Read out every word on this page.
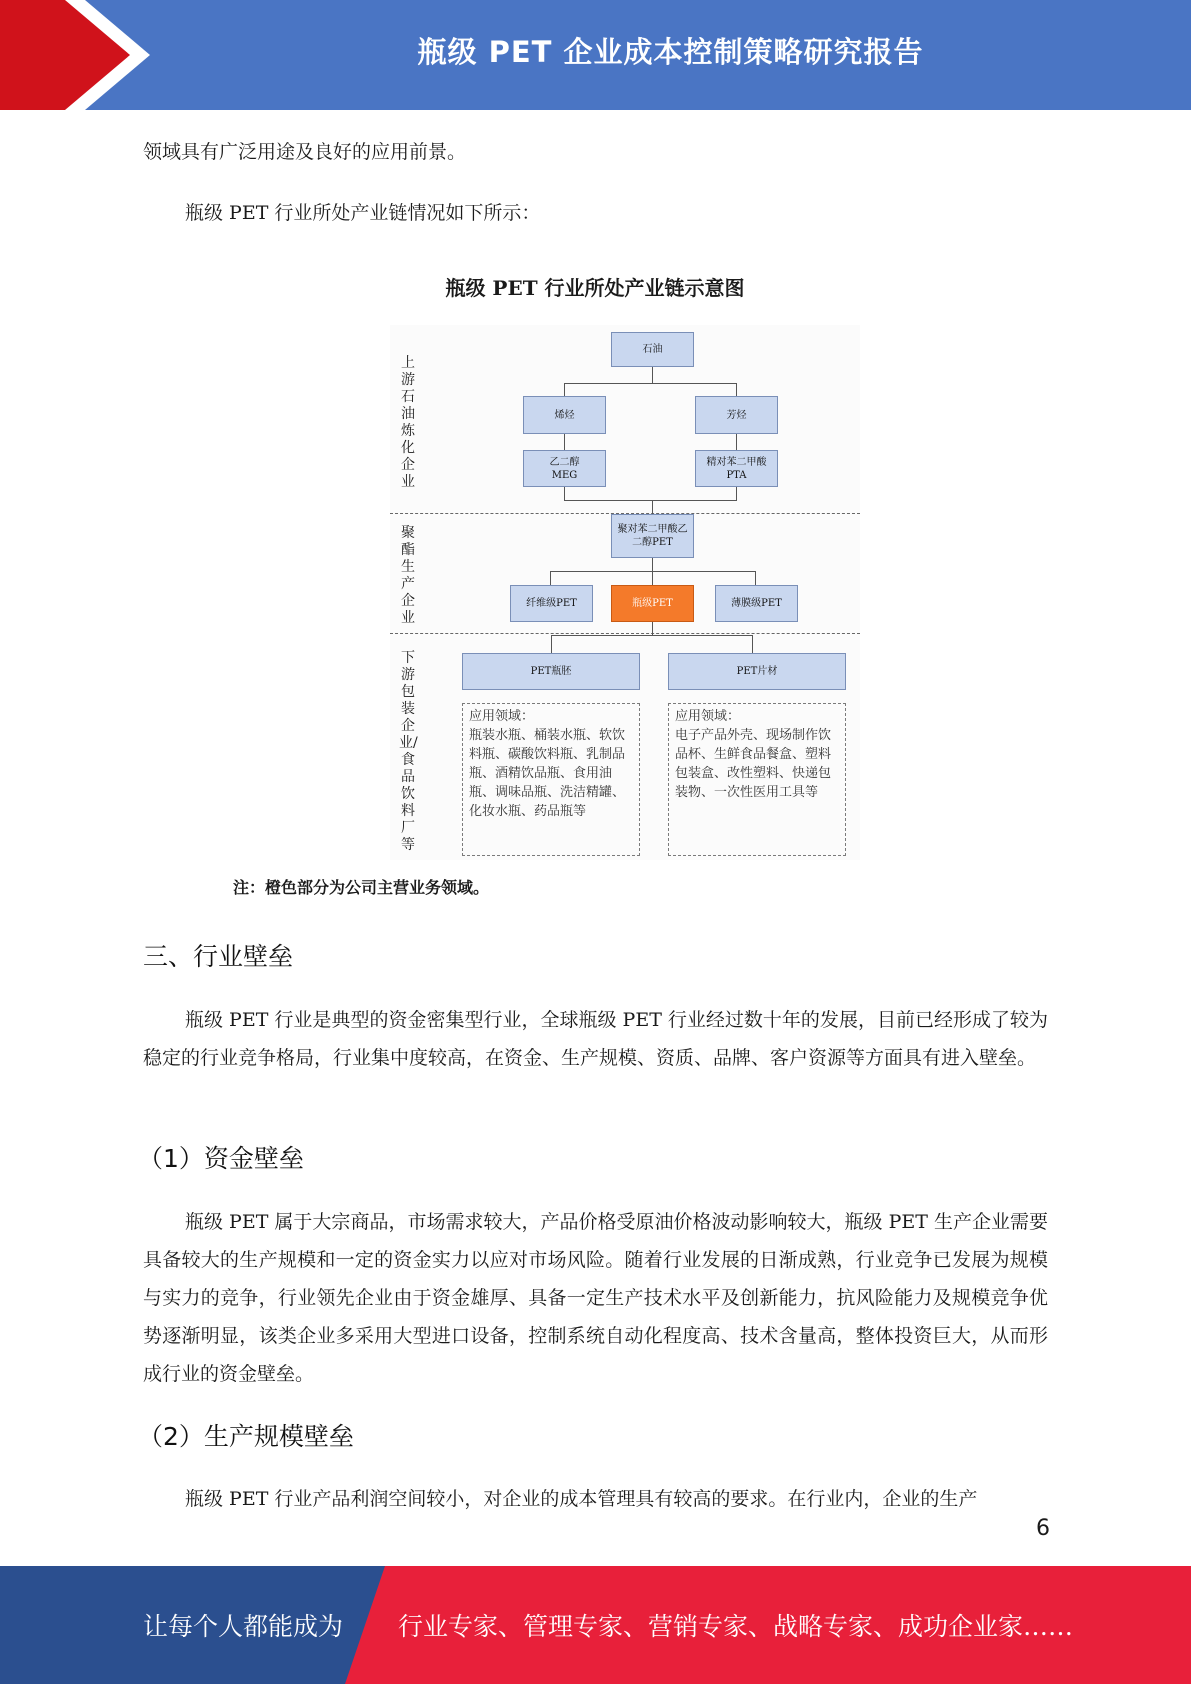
瓶级 PET 企业成本控制策略研究报告
领域具有广泛用途及良好的应用前景。
瓶级 PET 行业所处产业链情况如下所示：
瓶级 PET 行业所处产业链示意图
上游石油炼化企业
聚酯生产企业
下游包装企业/食品饮料厂等
石油
烯烃	芳烃
乙二醇
MEG
精对苯二甲酸
PTA
聚对苯二甲酸乙二醇PET
纤维级PET	瓶级PET	薄膜级PET
PET瓶胚	PET片材
应用领域：
瓶装水瓶、桶装水瓶、软饮料瓶、碳酸饮料瓶、乳制品瓶、酒精饮品瓶、食用油瓶、调味品瓶、洗洁精罐、化妆水瓶、药品瓶等
应用领域：
电子产品外壳、现场制作饮品杯、生鲜食品餐盒、塑料包装盒、改性塑料、快递包装物、一次性医用工具等
注：橙色部分为公司主营业务领域。
三、行业壁垒
瓶级 PET 行业是典型的资金密集型行业，全球瓶级 PET 行业经过数十年的发展，目前已经形成了较为稳定的行业竞争格局，行业集中度较高，在资金、生产规模、资质、品牌、客户资源等方面具有进入壁垒。
（1）资金壁垒
瓶级 PET 属于大宗商品，市场需求较大，产品价格受原油价格波动影响较大，瓶级 PET 生产企业需要具备较大的生产规模和一定的资金实力以应对市场风险。随着行业发展的日渐成熟，行业竞争已发展为规模与实力的竞争，行业领先企业由于资金雄厚、具备一定生产技术水平及创新能力，抗风险能力及规模竞争优势逐渐明显，该类企业多采用大型进口设备，控制系统自动化程度高、技术含量高，整体投资巨大，从而形成行业的资金壁垒。
（2）生产规模壁垒
瓶级 PET 行业产品利润空间较小，对企业的成本管理具有较高的要求。在行业内，企业的生产
6
让每个人都能成为 行业专家、管理专家、营销专家、战略专家、成功企业家……
